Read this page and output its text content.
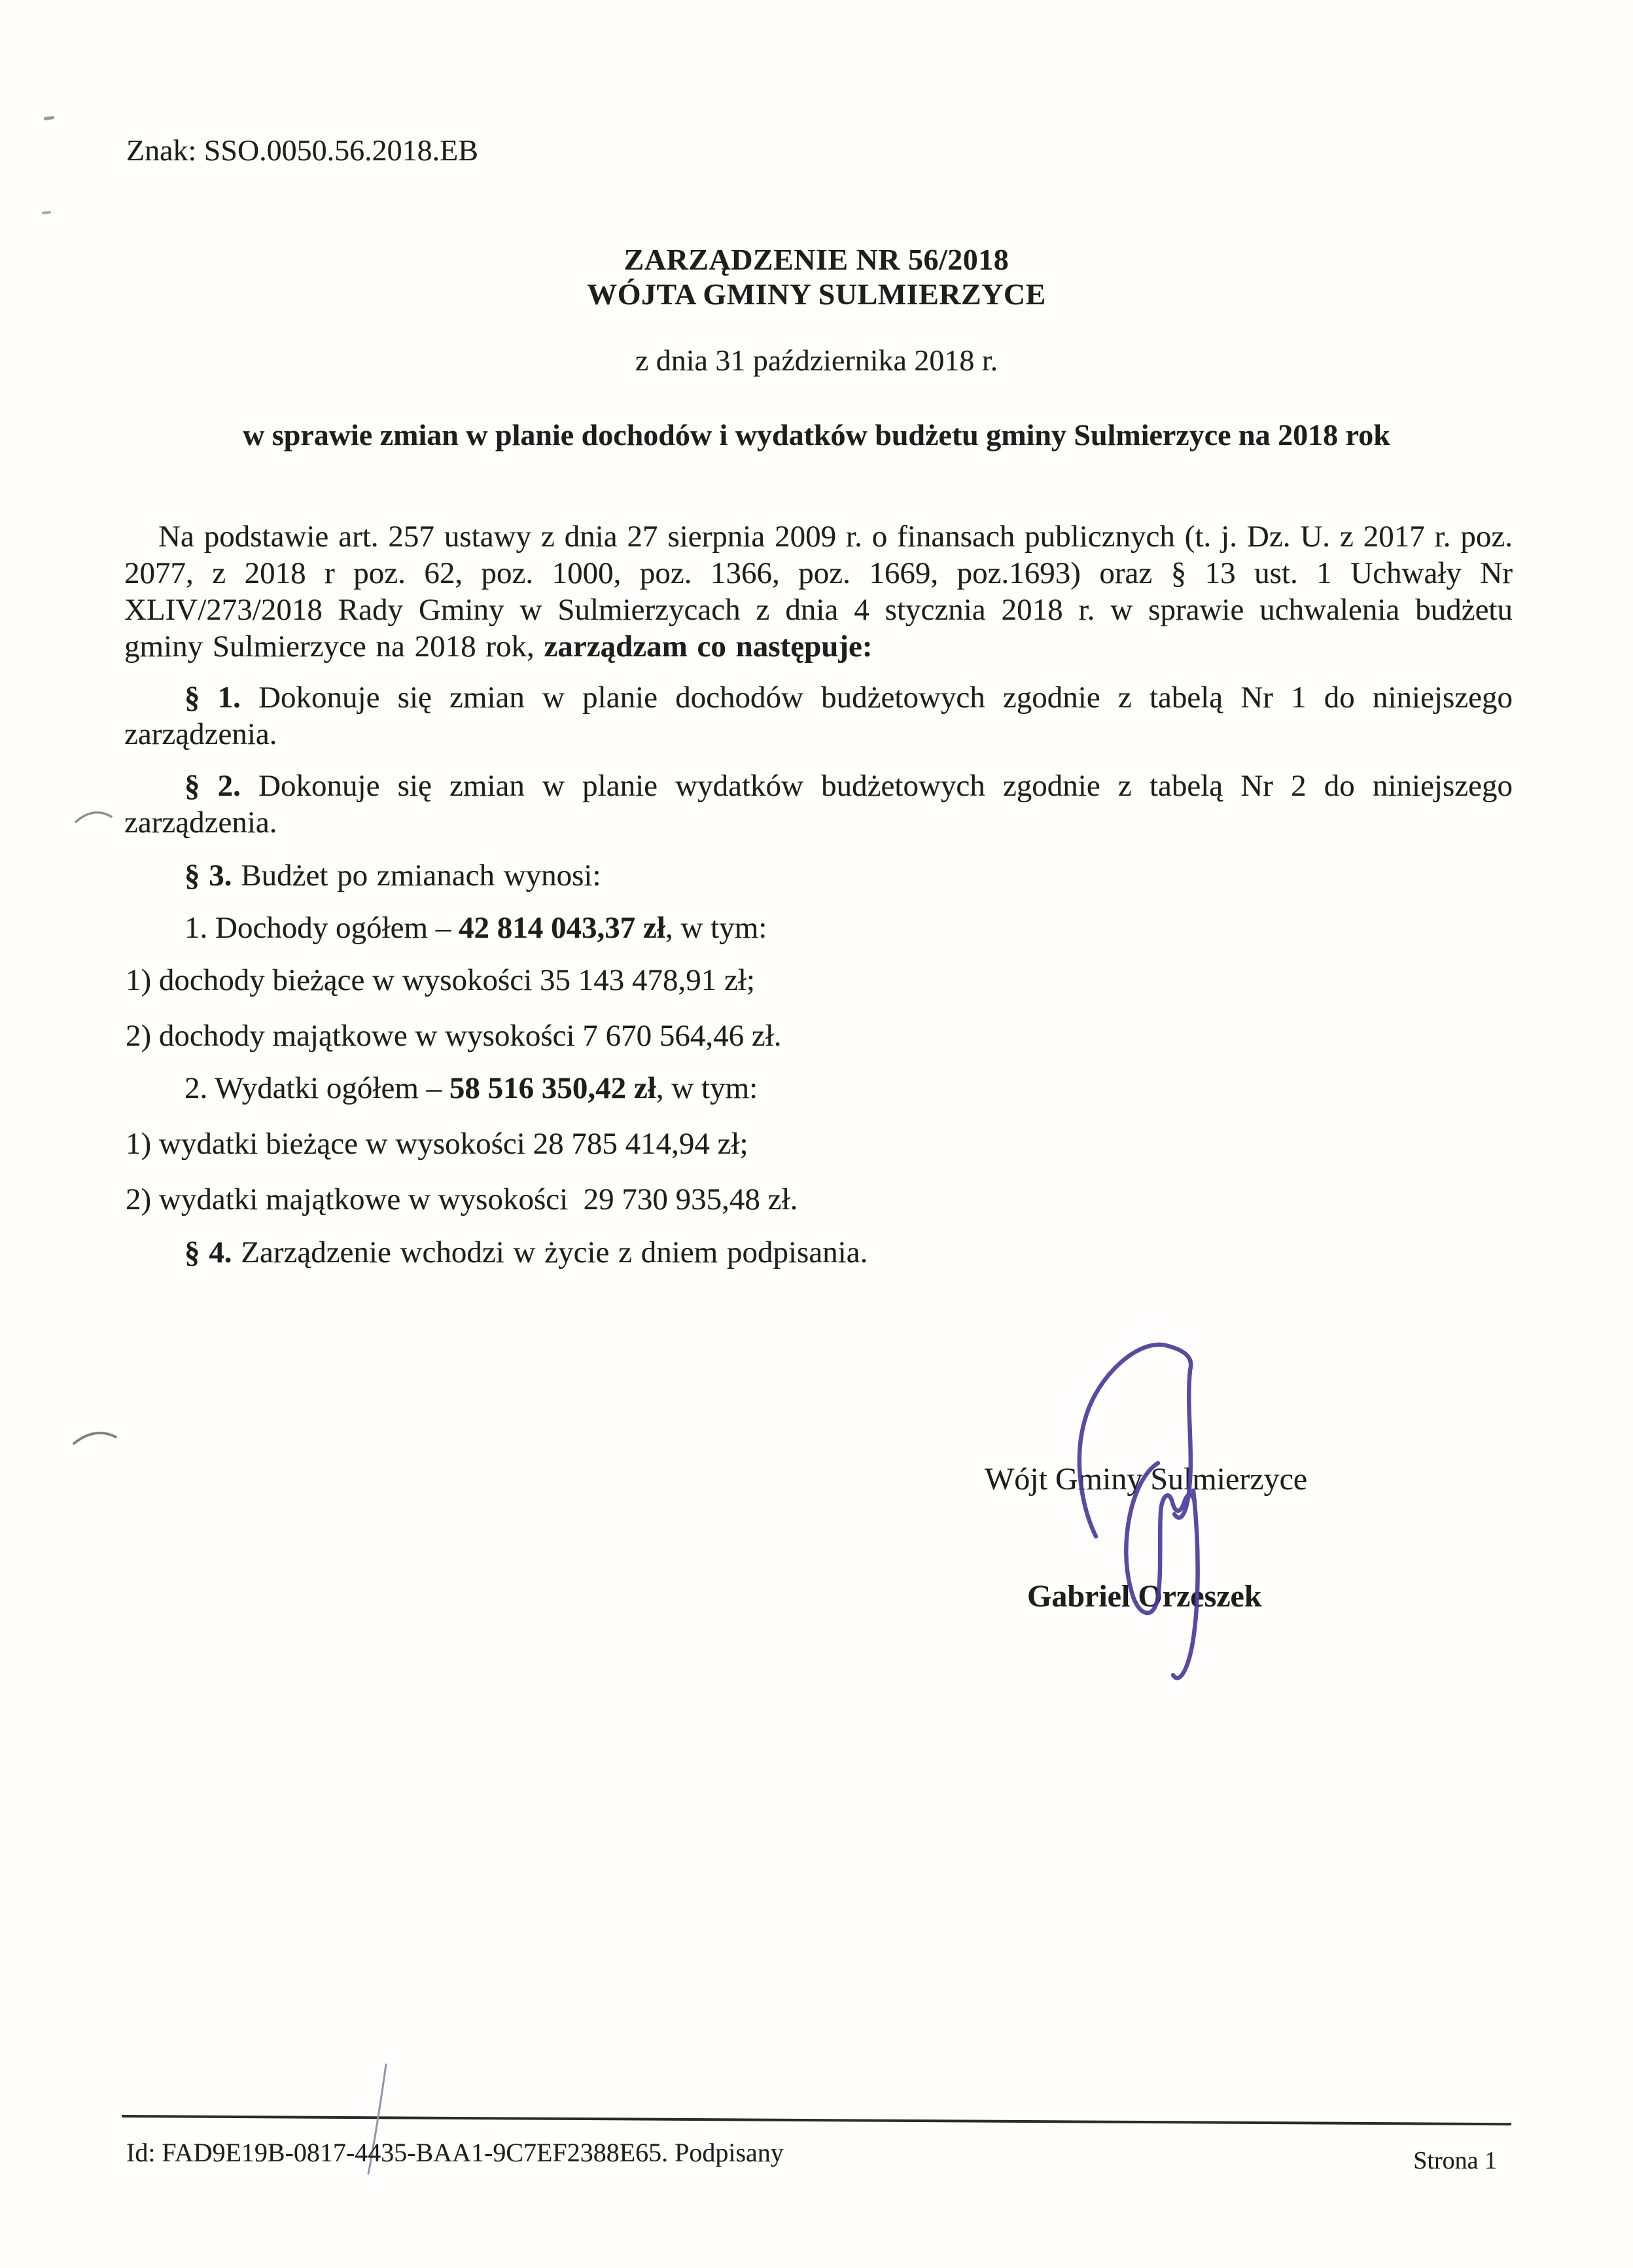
Znak: SSO.0050.56.2018.EB
ZARZĄDZENIE NR 56/2018
WÓJTA GMINY SULMIERZYCE
z dnia 31 października 2018 r.
w sprawie zmian w planie dochodów i wydatków budżetu gminy Sulmierzyce na 2018 rok
Na podstawie art. 257 ustawy z dnia 27 sierpnia 2009 r. o finansach publicznych (t. j. Dz. U. z 2017 r. poz. 2077, z 2018 r poz. 62, poz. 1000, poz. 1366, poz. 1669, poz.1693) oraz § 13 ust. 1 Uchwały Nr XLIV/273/2018 Rady Gminy w Sulmierzycach z dnia 4 stycznia 2018 r. w sprawie uchwalenia budżetu gminy Sulmierzyce na 2018 rok, zarządzam co następuje:
§ 1. Dokonuje się zmian w planie dochodów budżetowych zgodnie z tabelą Nr 1 do niniejszego zarządzenia.
§ 2. Dokonuje się zmian w planie wydatków budżetowych zgodnie z tabelą Nr 2 do niniejszego zarządzenia.
§ 3. Budżet po zmianach wynosi:
1. Dochody ogółem – 42 814 043,37 zł, w tym:
1) dochody bieżące w wysokości 35 143 478,91 zł;
2) dochody majątkowe w wysokości 7 670 564,46 zł.
2. Wydatki ogółem – 58 516 350,42 zł, w tym:
1) wydatki bieżące w wysokości 28 785 414,94 zł;
2) wydatki majątkowe w wysokości  29 730 935,48 zł.
§ 4. Zarządzenie wchodzi w życie z dniem podpisania.
Wójt Gminy Sulmierzyce
Gabriel Orzeszek
Id: FAD9E19B-0817-4435-BAA1-9C7EF2388E65. Podpisany	Strona 1
